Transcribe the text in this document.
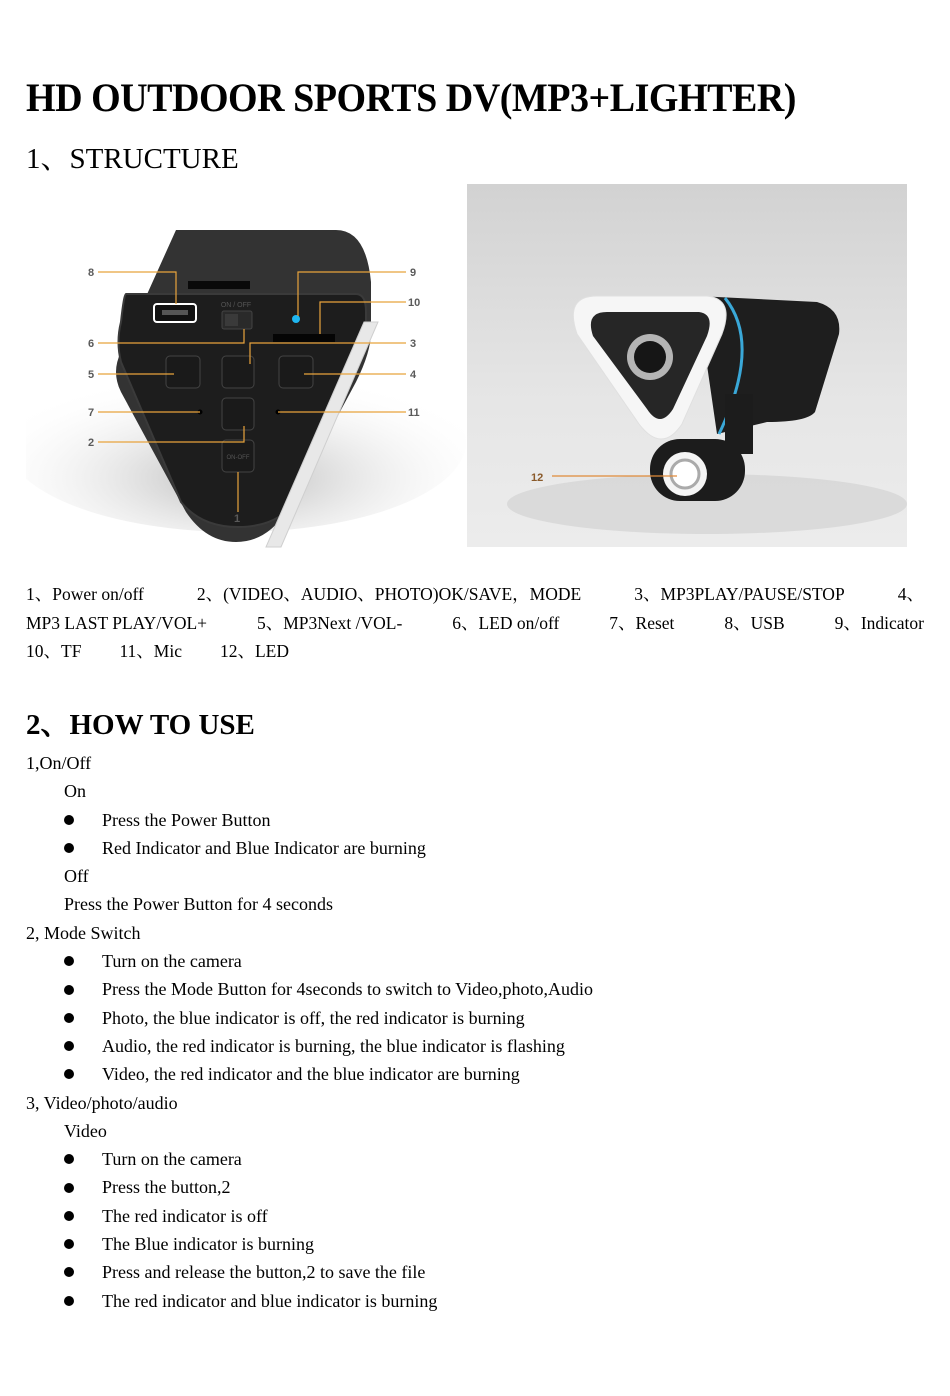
HD OUTDOOR SPORTS DV(MP3+LIGHTER)
1、STRUCTURE
ON / OFF
ON-OFF
8
6
5
7
2
1
9
10
3
4
11
12
1、Power on/off	2、(VIDEO、AUDIO、PHOTO)OK/SAVE，MODE	3、MP3PLAY/PAUSE/STOP	4、
MP3 LAST PLAY/VOL+	5、MP3Next /VOL-	6、LED on/off	7、Reset	8、USB	9、Indicator
10、TF 11、Mic 12、LED
2、HOW TO USE
1,On/Off
On
Press the Power Button
Red Indicator and Blue Indicator are burning
Off
Press the Power Button for 4 seconds
2, Mode Switch
Turn on the camera
Press the Mode Button for 4seconds to switch to Video,photo,Audio
Photo, the blue indicator is off, the red indicator is burning
Audio, the red indicator is burning, the blue indicator is flashing
Video, the red indicator and the blue indicator are burning
3, Video/photo/audio
Video
Turn on the camera
Press the button,2
The red indicator is off
The Blue indicator is burning
Press and release the button,2 to save the file
The red indicator and blue indicator is burning
